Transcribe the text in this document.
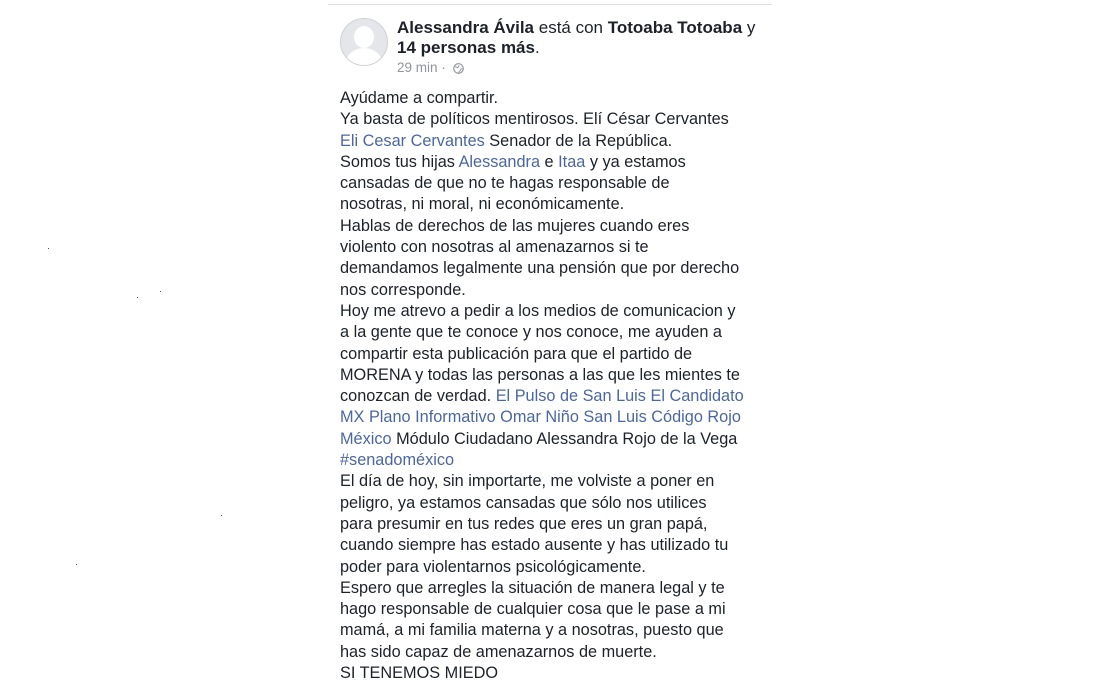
Alessandra Ávila está con Totoaba Totoaba y
14 personas más.
29 min ·
Ayúdame a compartir.
Ya basta de políticos mentirosos. Elí César Cervantes
Eli Cesar Cervantes Senador de la República.
Somos tus hijas Alessandra e Itaa y ya estamos
cansadas de que no te hagas responsable de
nosotras, ni moral, ni económicamente.
Hablas de derechos de las mujeres cuando eres
violento con nosotras al amenazarnos si te
demandamos legalmente una pensión que por derecho
nos corresponde.
Hoy me atrevo a pedir a los medios de comunicacion y
a la gente que te conoce y nos conoce, me ayuden a
compartir esta publicación para que el partido de
MORENA y todas las personas a las que les mientes te
conozcan de verdad. El Pulso de San Luis El Candidato
MX Plano Informativo Omar Niño San Luis Código Rojo
México Módulo Ciudadano Alessandra Rojo de la Vega
#senadoméxico
El día de hoy, sin importarte, me volviste a poner en
peligro, ya estamos cansadas que sólo nos utilices
para presumir en tus redes que eres un gran papá,
cuando siempre has estado ausente y has utilizado tu
poder para violentarnos psicológicamente.
Espero que arregles la situación de manera legal y te
hago responsable de cualquier cosa que le pase a mi
mamá, a mi familia materna y a nosotras, puesto que
has sido capaz de amenazarnos de muerte.
SI TENEMOS MIEDO
